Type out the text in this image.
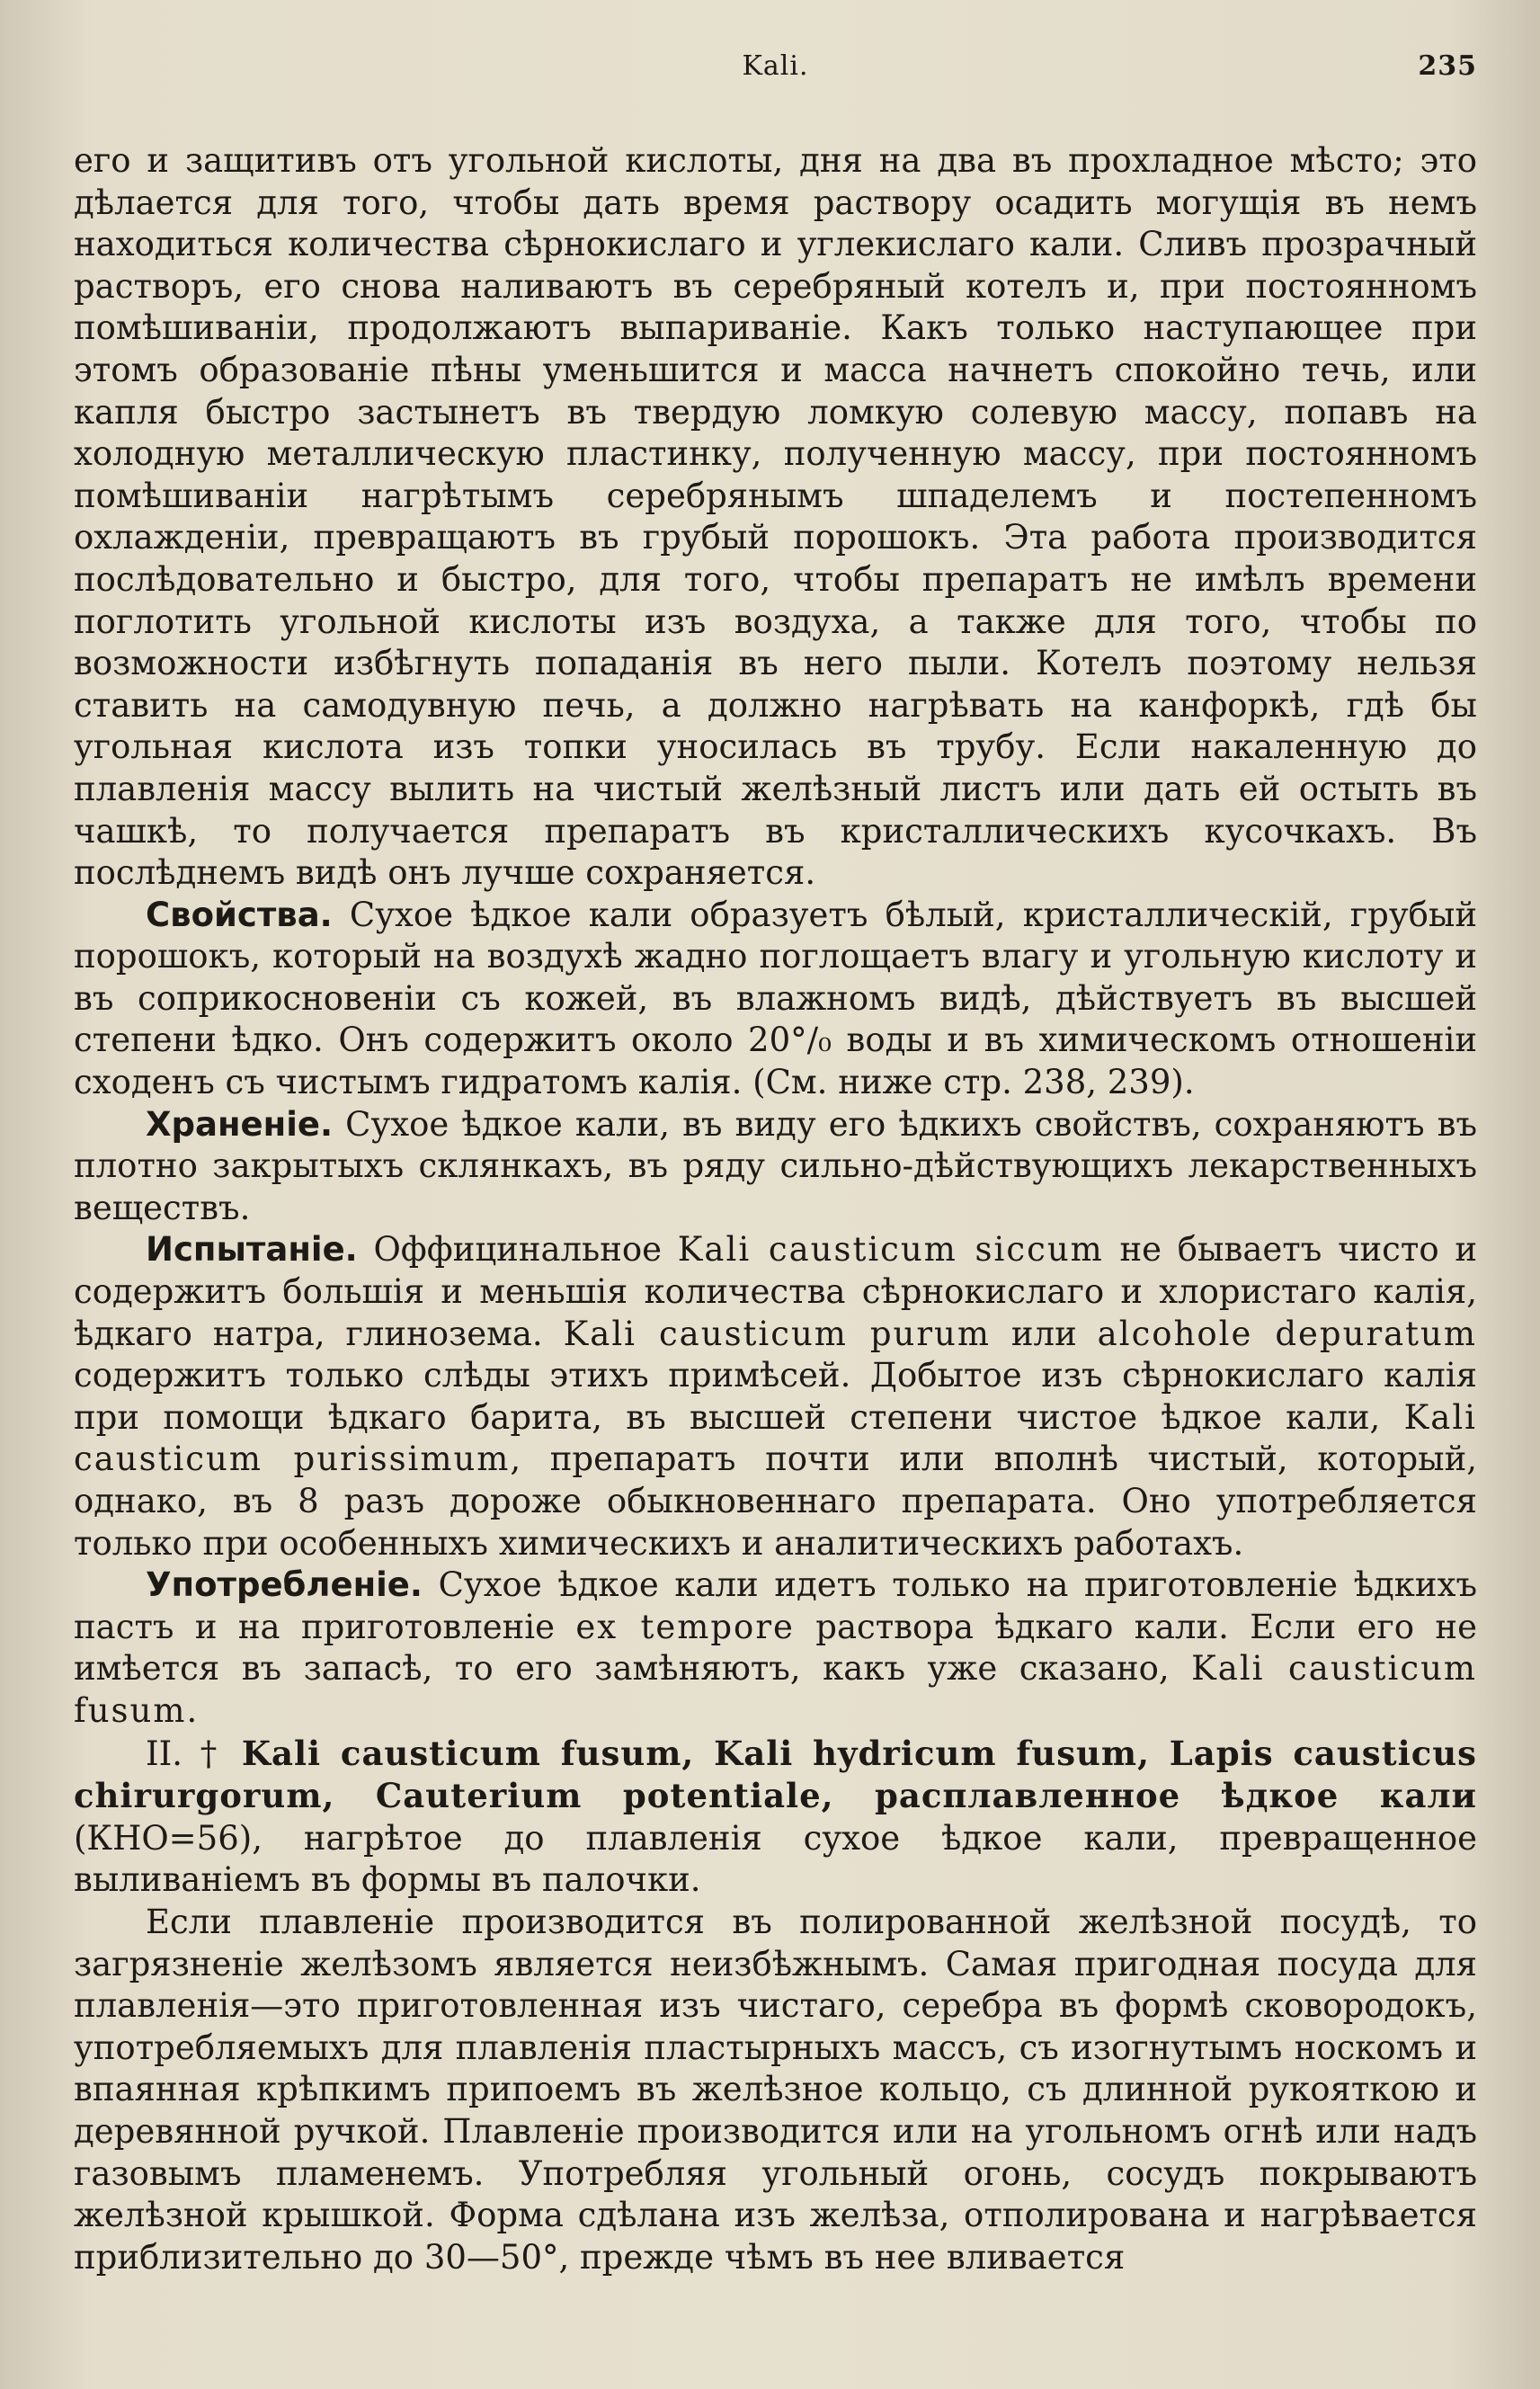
Kali.	235

его и защитивъ отъ угольной кислоты, дня на два въ прохладное мѣсто; это дѣлается для того, чтобы дать время раствору осадить могущія въ немъ находиться количества сѣрнокислаго и углекислаго кали. Сливъ прозрачный растворъ, его снова наливаютъ въ серебряный котелъ и, при постоянномъ помѣшиваніи, продолжаютъ выпариваніе. Какъ только наступающее при этомъ образованіе пѣны уменьшится и масса начнетъ спокойно течь, или капля быстро застынетъ въ твердую ломкую солевую массу, попавъ на холодную металлическую пластинку, полученную массу, при постоянномъ помѣшиваніи нагрѣтымъ серебрянымъ шпаделемъ и постепенномъ охлажденіи, превращаютъ въ грубый порошокъ. Эта работа производится послѣдовательно и быстро, для того, чтобы препаратъ не имѣлъ времени поглотить угольной кислоты изъ воздуха, а также для того, чтобы по возможности избѣгнуть попаданія въ него пыли. Котелъ поэтому нельзя ставить на самодувную печь, а должно нагрѣвать на канфоркѣ, гдѣ бы угольная кислота изъ топки уносилась въ трубу. Если накаленную до плавленія массу вылить на чистый желѣзный листъ или дать ей остыть въ чашкѣ, то получается препаратъ въ кристаллическихъ кусочкахъ. Въ послѣднемъ видѣ онъ лучше сохраняется.

Свойства. Сухое ѣдкое кали образуетъ бѣлый, кристаллическій, грубый порошокъ, который на воздухѣ жадно поглощаетъ влагу и угольную кислоту и въ соприкосновеніи съ кожей, въ влажномъ видѣ, дѣйствуетъ въ высшей степени ѣдко. Онъ содержитъ около 20°/₀ воды и въ химическомъ отношеніи сходенъ съ чистымъ гидратомъ калія. (См. ниже стр. 238, 239).

Храненіе. Сухое ѣдкое кали, въ виду его ѣдкихъ свойствъ, сохраняютъ въ плотно закрытыхъ склянкахъ, въ ряду сильно-дѣйствующихъ лекарственныхъ веществъ.

Испытаніе. Оффицинальное Kali causticum siccum не бываетъ чисто и содержитъ большія и меньшія количества сѣрнокислаго и хлористаго калія, ѣдкаго натра, глинозема. Kali causticum purum или alcohole depuratum содержитъ только слѣды этихъ примѣсей. Добытое изъ сѣрнокислаго калія при помощи ѣдкаго барита, въ высшей степени чистое ѣдкое кали, Kali causticum purissimum, препаратъ почти или вполнѣ чистый, который, однако, въ 8 разъ дороже обыкновеннаго препарата. Оно употребляется только при особенныхъ химическихъ и аналитическихъ работахъ.

Употребленіе. Сухое ѣдкое кали идетъ только на приготовленіе ѣдкихъ пастъ и на приготовленіе ex tempore раствора ѣдкаго кали. Если его не имѣется въ запасѣ, то его замѣняютъ, какъ уже сказано, Kali causticum fusum.

II. † Kali causticum fusum, Kali hydricum fusum, Lapis causticus chirurgorum, Cauterium potentiale, расплавленное ѣдкое кали (КНО=56), нагрѣтое до плавленія сухое ѣдкое кали, превращенное выливаніемъ въ формы въ палочки.

Если плавленіе производится въ полированной желѣзной посудѣ, то загрязненіе желѣзомъ является неизбѣжнымъ. Самая пригодная посуда для плавленія—это приготовленная изъ чистаго, серебра въ формѣ сковородокъ, употребляемыхъ для плавленія пластырныхъ массъ, съ изогнутымъ носкомъ и впаянная крѣпкимъ припоемъ въ желѣзное кольцо, съ длинной рукояткою и деревянной ручкой. Плавленіе производится или на угольномъ огнѣ или надъ газовымъ пламенемъ. Употребляя угольный огонь, сосудъ покрываютъ желѣзной крышкой. Форма сдѣлана изъ желѣза, отполирована и нагрѣвается приблизительно до 30—50°, прежде чѣмъ въ нее вливается
